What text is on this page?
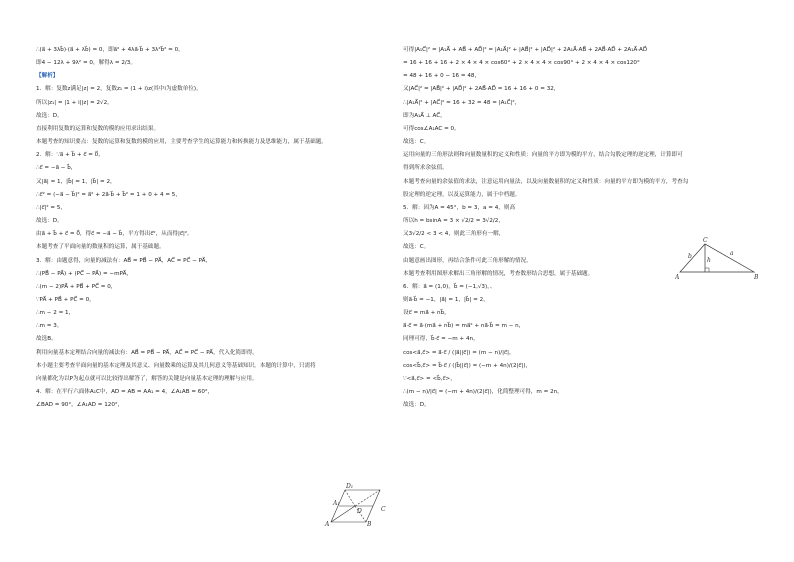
∴(a⃗ + 3λb⃗)·(a⃗ + λb⃗) = 0，即a⃗² + 4λa⃗·b⃗ + 3λ²b⃗² = 0，
即4 − 12λ + 9λ² = 0，解得λ = 2/3。
【解析】
1．解：复数z满足|z| = 2，复数z₁ = (1 + i)z(其中i为虚数单位)，
所以|z₁| = |1 + i||z| = 2√2。
故选：D。
直接利用复数的运算和复数的模的应用求出结果。
本题考查的知识要点：复数的运算和复数的模的应用，主要考查学生的运算能力和转换能力及思维能力，属于基础题。
2．解：∵a⃗ + b⃗ + c⃗ = 0⃗，
∴c⃗ = −a⃗ − b⃗，
又|a⃗| = 1，|b⃗| = 1，|b⃗| = 2，
∴c⃗² = (−a⃗ − b⃗)² = a⃗² + 2a⃗·b⃗ + b⃗² = 1 + 0 + 4 = 5，
∴|c⃗|² = 5，
故选：D。
由a⃗ + b⃗ + c⃗ = 0⃗，得c⃗ = −a⃗ − b⃗，平方得出c⃗²，从而得|c⃗|²。
本题考查了平面向量的数量积的运算，属于基础题。
3．解：由题意得，向量的减法有：AB⃗ = PB⃗ − PA⃗，AC⃗ = PC⃗ − PA⃗，
∴(PB⃗ − PA⃗) + (PC⃗ − PA⃗) = −mPA⃗，
∴(m − 2)PA⃗ + PB⃗ + PC⃗ = 0，
∵PA⃗ + PB⃗ + PC⃗ = 0，
∴m − 2 = 1，
∴m = 3。
故选B。
利用向量基本定理结合向量的减法有：AB⃗ = PB⃗ − PA⃗，AC⃗ = PC⃗ − PA⃗，代入化简即得。
本小题主要考查平面向量的基本定理及其意义、向量数乘的运算及其几何意义等基础知识。本题的计算中，只需将
向量都化为以P为起点就可以比较得出解答了，解答的关键是向量基本定理的理解与应用。
4．解：在平行六面体A₁C中，AD = AB = AA₁ = 4，∠A₁AB = 60°，
∠BAD = 90°，∠A₁AD = 120°，
可得|A₁C⃗|² = |A₁A⃗ + AB⃗ + AD⃗|² = |A₁A⃗|² + |AB⃗|² + |AD⃗|² + 2A₁A⃗·AB⃗ + 2AB⃗·AD⃗ + 2A₁A⃗·AD⃗
= 16 + 16 + 16 + 2 × 4 × 4 × cos60° + 2 × 4 × 4 × cos90° + 2 × 4 × 4 × cos120°
= 48 + 16 + 0 − 16 = 48，
又|AC⃗|² = |AB⃗|² + |AD⃗|² + 2AB⃗·AD⃗ = 16 + 16 + 0 = 32，
∴|A₁A⃗|² + |AC⃗|² = 16 + 32 = 48 = |A₁C⃗|²，
即为A₁A⃗ ⊥ AC⃗，
可得cos∠A₁AC = 0。
故选：C。
运用向量的三角形法则和向量数量积的定义和性质：向量的平方即为模的平方，结合勾股定理的逆定理，计算即可
得到所求余弦值。
本题考查向量的余弦值的求法，注意运用向量法，以及向量数量积的定义和性质：向量的平方即为模的平方，考查勾
股定理的逆定理，以及运算能力，属于中档题。
5．解：因为A = 45°，b = 3，a = 4，则高
所以h = bsinA = 3 × √2/2 = 3√2/2，
又3√2/2 < 3 < 4，则此三角形有一解，
故选：C。
由题意画出图形，再结合条件可此三角形解的情况。
本题考查利用图形求解出三角形解的情况，考查数形结合思想，属于基础题。
6．解：a⃗ = (1,0)，b⃗ = (−1,√3)，、
则a⃗·b⃗ = −1，|a⃗| = 1，|b⃗| = 2，
设c⃗ = ma⃗ + nb⃗，
a⃗·c⃗ = a⃗·(ma⃗ + nb⃗) = ma⃗² + na⃗·b⃗ = m − n，
同理可得，b⃗·c⃗ = −m + 4n，
cos<a⃗,c⃗> = a⃗·c⃗ / (|a⃗||c⃗|) = (m − n)/|c⃗|，
cos<b⃗,c⃗> = b⃗·c⃗ / (|b⃗||c⃗|) = (−m + 4n)/(2|c⃗|)，
∵<a⃗,c⃗> = <b⃗,c⃗>，
∴(m − n)/|c⃗| = (−m + 4n)/(2|c⃗|)，化简整理可得，m = 2n，
故选：D。
D₁
A₁
D	C
A	B
C
b
h
a
A	B
